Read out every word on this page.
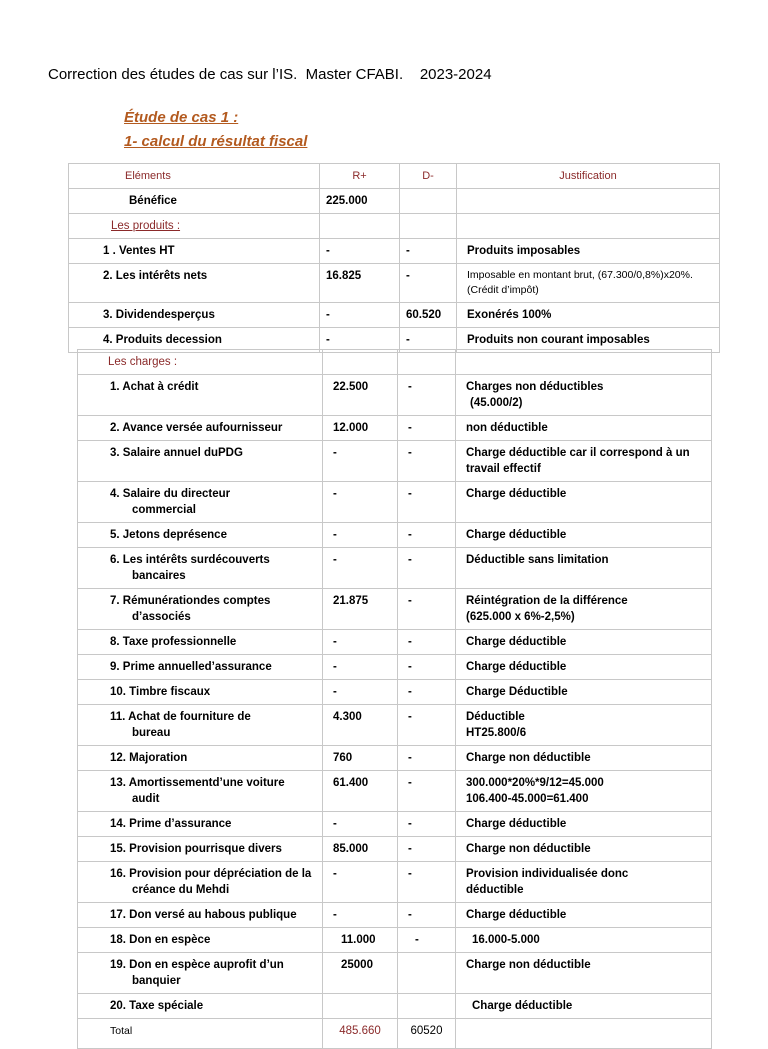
Correction des études de cas sur l’IS.  Master CFABI.    2023-2024
Étude de cas 1 :
1- calcul du résultat fiscal
Eléments	R+	D-	Justification
Bénéfice	225.000		
Les produits :			
1 . Ventes HT	-	-	Produits imposables
2. Les intérêts nets	16.825	-	Imposable en montant brut, (67.300/0,8%)x20%. (Crédit d’impôt)
3. Dividendesperçus	-	60.520	Exonérés 100%
4. Produits decession	-	-	Produits non courant imposables
Les charges :			
1. Achat à crédit	22.500	-	Charges non déductibles
(45.000/2)

2. Avance versée aufournisseur	12.000	-	non déductible
3. Salaire annuel duPDG	-	-	Charge déductible car il correspond à un
travail effectif

4. Salaire du directeur
commercial	-	-	Charge déductible
5. Jetons deprésence	-	-	Charge déductible
6. Les intérêts surdécouverts
bancaires	-	-	Déductible sans limitation
7. Rémunérationdes comptes
d’associés	21.875	-	Réintégration de la différence
(625.000 x 6%-2,5%)

8. Taxe professionnelle	-	-	Charge déductible
9. Prime annuelled’assurance	-	-	Charge déductible
10. Timbre fiscaux	-	-	Charge Déductible
11. Achat de fourniture de
bureau	4.300	-	Déductible
HT25.800/6

12. Majoration	760	-	Charge non déductible
13. Amortissementd’une voiture
audit	61.400	-	300.000*20%*9/12=45.000
106.400-45.000=61.400

14. Prime d’assurance	-	-	Charge déductible
15. Provision pourrisque divers	85.000	-	Charge non déductible
16. Provision pour dépréciation de la
créance du Mehdi	-	-	Provision individualisée donc
déductible

17. Don versé au habous publique	-	-	Charge déductible
18. Don en espèce	11.000	-	16.000-5.000
19. Don en espèce auprofit d’un
banquier	25000		Charge non déductible
20. Taxe spéciale			Charge déductible
Total	485.660	60520	
